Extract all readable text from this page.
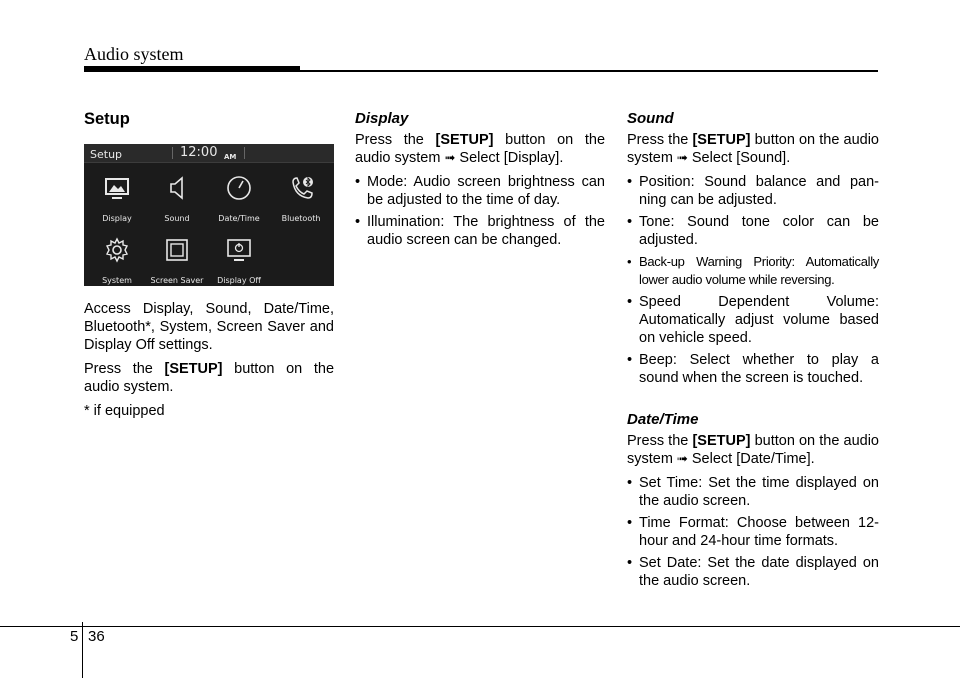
Audio system
Setup
Setup	12:00 AM
Display	Sound	Date/Time	Bluetooth
System	Screen Saver	Display Off

Access Display, Sound, Date/Time, Bluetooth*, System, Screen Saver and Display Off settings.

Press the [SETUP] button on the audio system.

* if equipped

Display

Press the [SETUP] button on the audio system ➟ Select [Display].

• Mode: Audio screen brightness can be adjusted to the time of day.
• Illumination: The brightness of the audio screen can be changed.
Sound

Press the [SETUP] button on the audio system ➟ Select [Sound].

• Position: Sound balance and pan-ning can be adjusted.
• Tone: Sound tone color can be adjusted.
• Back-up Warning Priority: Automatically lower audio volume while reversing.
• Speed Dependent Volume: Automatically adjust volume based on vehicle speed.
• Beep: Select whether to play a sound when the screen is touched.
Date/Time

Press the [SETUP] button on the audio system ➟ Select [Date/Time].

• Set Time: Set the time displayed on the audio screen.
• Time Format: Choose between 12-hour and 24-hour time formats.
• Set Date: Set the date displayed on the audio screen.
5 36
